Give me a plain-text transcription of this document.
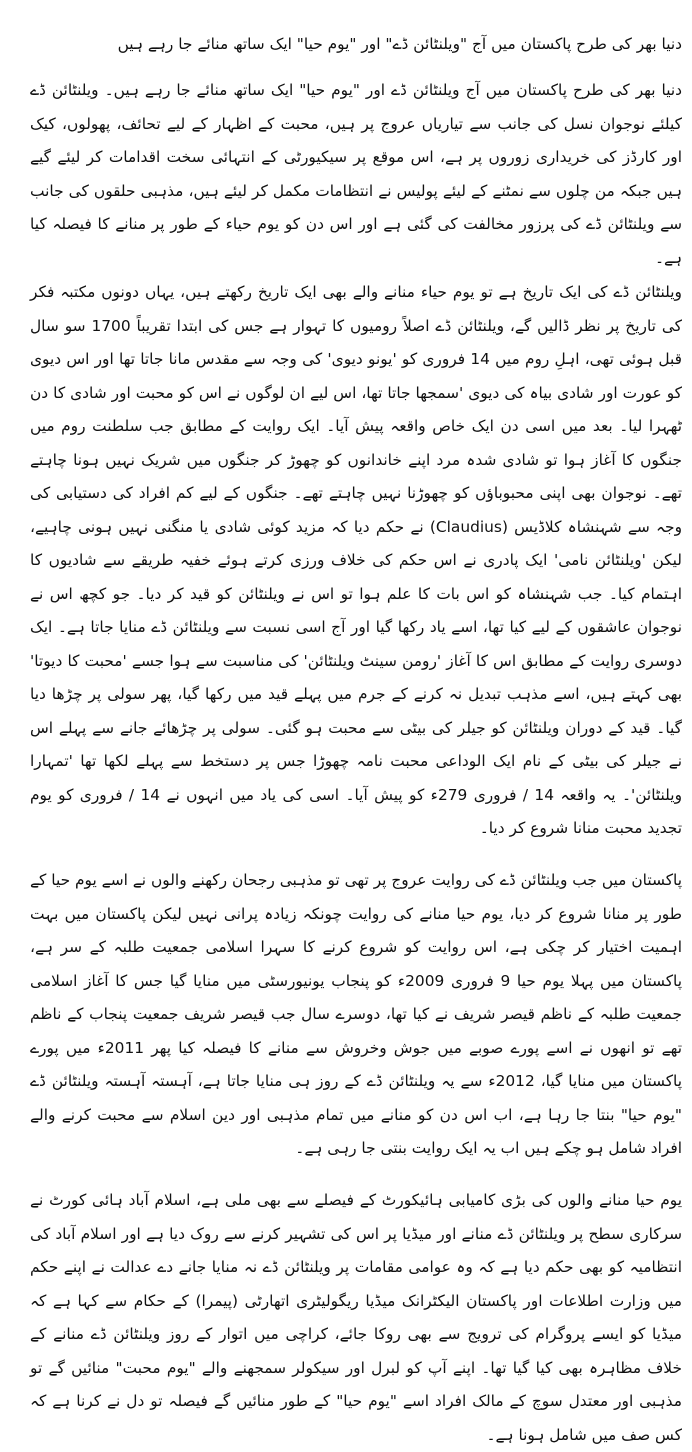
دنیا بھر کی طرح پاکستان میں آج "ویلنٹائن ڈے" اور "یوم حیا" ایک ساتھ منائے جا رہے ہیں

دنیا بھر کی طرح پاکستان میں آج ویلنٹائن ڈے اور "یوم حیا" ایک ساتھ منائے جا رہے ہیں۔ ویلنٹائن ڈے کیلئے نوجوان نسل کی جانب سے تیاریاں عروج پر ہیں، محبت کے اظہار کے لیے تحائف، پھولوں، کیک اور کارڈز کی خریداری زوروں پر ہے، اس موقع پر سیکیورٹی کے انتہائی سخت اقدامات کر لیئے گیے ہیں جبکہ من چلوں سے نمٹنے کے لیئے پولیس نے انتظامات مکمل کر لیئے ہیں، مذہبی حلقوں کی جانب سے ویلنٹائن ڈے کی پرزور مخالفت کی گئی ہے اور اس دن کو یوم حیاء کے طور پر منانے کا فیصلہ کیا ہے۔

ویلنٹائن ڈے کی ایک تاریخ ہے تو یوم حیاء منانے والے بھی ایک تاریخ رکھتے ہیں، یہاں دونوں مکتبہ فکر کی تاریخ پر نظر ڈالیں گے، ویلنٹائن ڈے اصلاً رومیوں کا تہوار ہے جس کی ابتدا تقریباً 1700 سو سال قبل ہوئی تھی، اہلِ روم میں 14 فروری کو 'یونو دیوی' کی وجہ سے مقدس مانا جاتا تھا اور اس دیوی کو عورت اور شادی بیاہ کی دیوی 'سمجھا جاتا تھا، اس لیے ان لوگوں نے اس کو محبت اور شادی کا دن ٹھہرا لیا۔ بعد میں اسی دن ایک خاص واقعہ پیش آیا۔ ایک روایت کے مطابق جب سلطنت روم میں جنگوں کا آغاز ہوا تو شادی شدہ مرد اپنے خاندانوں کو چھوڑ کر جنگوں میں شریک نہیں ہونا چاہتے تھے۔ نوجوان بھی اپنی محبوباؤں کو چھوڑنا نہیں چاہتے تھے۔ جنگوں کے لیے کم افراد کی دستیابی کی وجہ سے شہنشاہ کلاڈیس (Claudius) نے حکم دیا کہ مزید کوئی شادی یا منگنی نہیں ہونی چاہیے، لیکن 'ویلنٹائن نامی' ایک پادری نے اس حکم کی خلاف ورزی کرتے ہوئے خفیہ طریقے سے شادیوں کا اہتمام کیا۔ جب شہنشاہ کو اس بات کا علم ہوا تو اس نے ویلنٹائن کو قید کر دیا۔ جو کچھ اس نے نوجوان عاشقوں کے لیے کیا تھا، اسے یاد رکھا گیا اور آج اسی نسبت سے ویلنٹائن ڈے منایا جاتا ہے۔ ایک دوسری روایت کے مطابق اس کا آغاز 'رومن سینٹ ویلنٹائن' کی مناسبت سے ہوا جسے 'محبت کا دیوتا' بھی کہتے ہیں، اسے مذہب تبدیل نہ کرنے کے جرم میں پہلے قید میں رکھا گیا، پھر سولی پر چڑھا دیا گیا۔ قید کے دوران ویلنٹائن کو جیلر کی بیٹی سے محبت ہو گئی۔ سولی پر چڑھائے جانے سے پہلے اس نے جیلر کی بیٹی کے نام ایک الوداعی محبت نامہ چھوڑا جس پر دستخط سے پہلے لکھا تھا 'تمہارا ویلنٹائن'۔ یہ واقعہ 14 / فروری 279ء کو پیش آیا۔ اسی کی یاد میں انہوں نے 14 / فروری کو یوم تجدید محبت منانا شروع کر دیا۔

پاکستان میں جب ویلنٹائن ڈے کی روایت عروج پر تھی تو مذہبی رجحان رکھنے والوں نے اسے یوم حیا کے طور پر منانا شروع کر دیا، یوم حیا منانے کی روایت چونکہ زیادہ پرانی نہیں لیکن پاکستان میں بہت اہمیت اختیار کر چکی ہے، اس روایت کو شروع کرنے کا سہرا اسلامی جمعیت طلبہ کے سر ہے، پاکستان میں پہلا یوم حیا 9 فروری 2009ء کو پنجاب یونیورسٹی میں منایا گیا جس کا آغاز اسلامی جمعیت طلبہ کے ناظم قیصر شریف نے کیا تھا، دوسرے سال جب قیصر شریف جمعیت پنجاب کے ناظم تھے تو انھوں نے اسے پورے صوبے میں جوش وخروش سے منانے کا فیصلہ کیا پھر 2011ء میں پورے پاکستان میں منایا گیا، 2012ء سے یہ ویلنٹائن ڈے کے روز ہی منایا جاتا ہے، آہستہ آہستہ ویلنٹائن ڈے "یوم حیا" بنتا جا رہا ہے، اب اس دن کو منانے میں تمام مذہبی اور دین اسلام سے محبت کرنے والے افراد شامل ہو چکے ہیں اب یہ ایک روایت بنتی جا رہی ہے۔

یوم حیا منانے والوں کی بڑی کامیابی ہائیکورٹ کے فیصلے سے بھی ملی ہے، اسلام آباد ہائی کورٹ نے سرکاری سطح پر ویلنٹائن ڈے منانے اور میڈیا پر اس کی تشہیر کرنے سے روک دیا ہے اور اسلام آباد کی انتظامیہ کو بھی حکم دیا ہے کہ وہ عوامی مقامات پر ویلنٹائن ڈے نہ منایا جانے دے عدالت نے اپنے حکم میں وزارت اطلاعات اور پاکستان الیکٹرانک میڈیا ریگولیٹری اتھارٹی (پیمرا) کے حکام سے کہا ہے کہ میڈیا کو ایسے پروگرام کی ترویج سے بھی روکا جائے، کراچی میں اتوار کے روز ویلنٹائن ڈے منانے کے خلاف مظاہرہ بھی کیا گیا تھا۔ اپنے آپ کو لبرل اور سیکولر سمجھنے والے "یوم محبت" منائیں گے تو مذہبی اور معتدل سوچ کے مالک افراد اسے "یوم حیا" کے طور منائیں گے فیصلہ تو دل نے کرنا ہے کہ کس صف میں شامل ہونا ہے۔
